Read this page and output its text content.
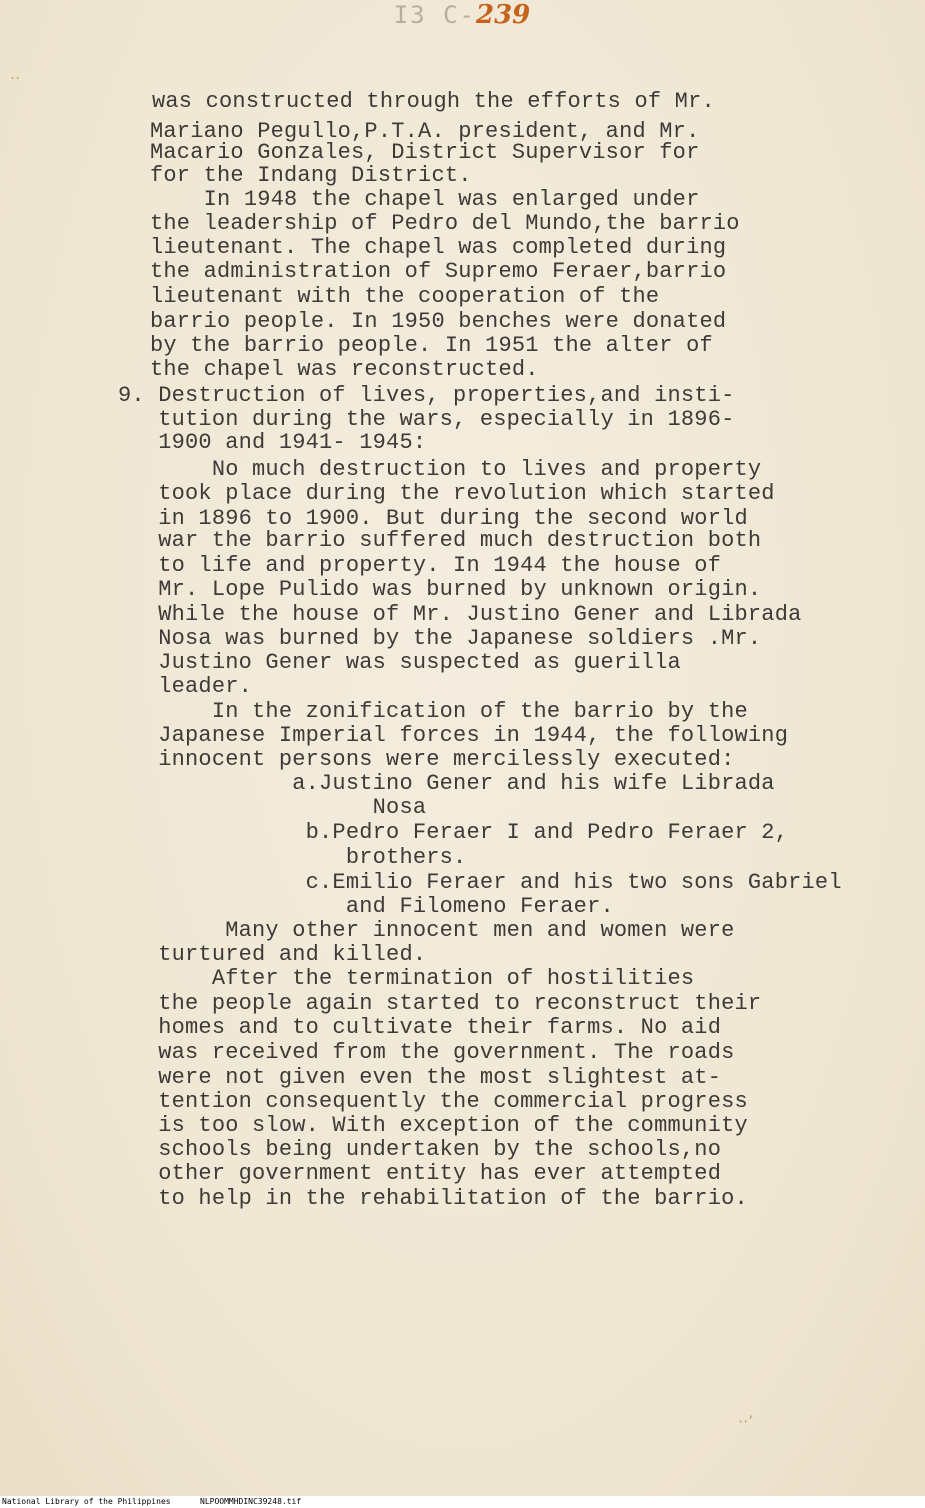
I3 C-239
..
··’

was constructed through the efforts of Mr.

Mariano Pegullo,P.T.A. president, and Mr.

Macario Gonzales, District Supervisor for

for the Indang District.

In 1948 the chapel was enlarged under

the leadership of Pedro del Mundo,the barrio

lieutenant. The chapel was completed during

the administration of Supremo Feraer,barrio

lieutenant with the cooperation of the

barrio people. In 1950 benches were donated

by the barrio people. In 1951 the alter of

the chapel was reconstructed.

9. Destruction of lives, properties,and insti-

tution during the wars, especially in 1896-

1900 and 1941- 1945:

No much destruction to lives and property

took place during the revolution which started

in 1896 to 1900. But during the second world

war the barrio suffered much destruction both

to life and property. In 1944 the house of

Mr. Lope Pulido was burned by unknown origin.

While the house of Mr. Justino Gener and Librada

Nosa was burned by the Japanese soldiers .Mr.

Justino Gener was suspected as guerilla

leader.

In the zonification of the barrio by the

Japanese Imperial forces in 1944, the following

innocent persons were mercilessly executed:

a.Justino Gener and his wife Librada

Nosa

b.Pedro Feraer I and Pedro Feraer 2,

brothers.

c.Emilio Feraer and his two sons Gabriel

and Filomeno Feraer.

Many other innocent men and women were

turtured and killed.

After the termination of hostilities

the people again started to reconstruct their

homes and to cultivate their farms. No aid

was received from the government. The roads

were not given even the most slightest at-

tention consequently the commercial progress

is too slow. With exception of the community

schools being undertaken by the schools,no

other government entity has ever attempted

to help in the rehabilitation of the barrio.

National Library of the Philippines	NLPOOMMHDINC39248.tif
